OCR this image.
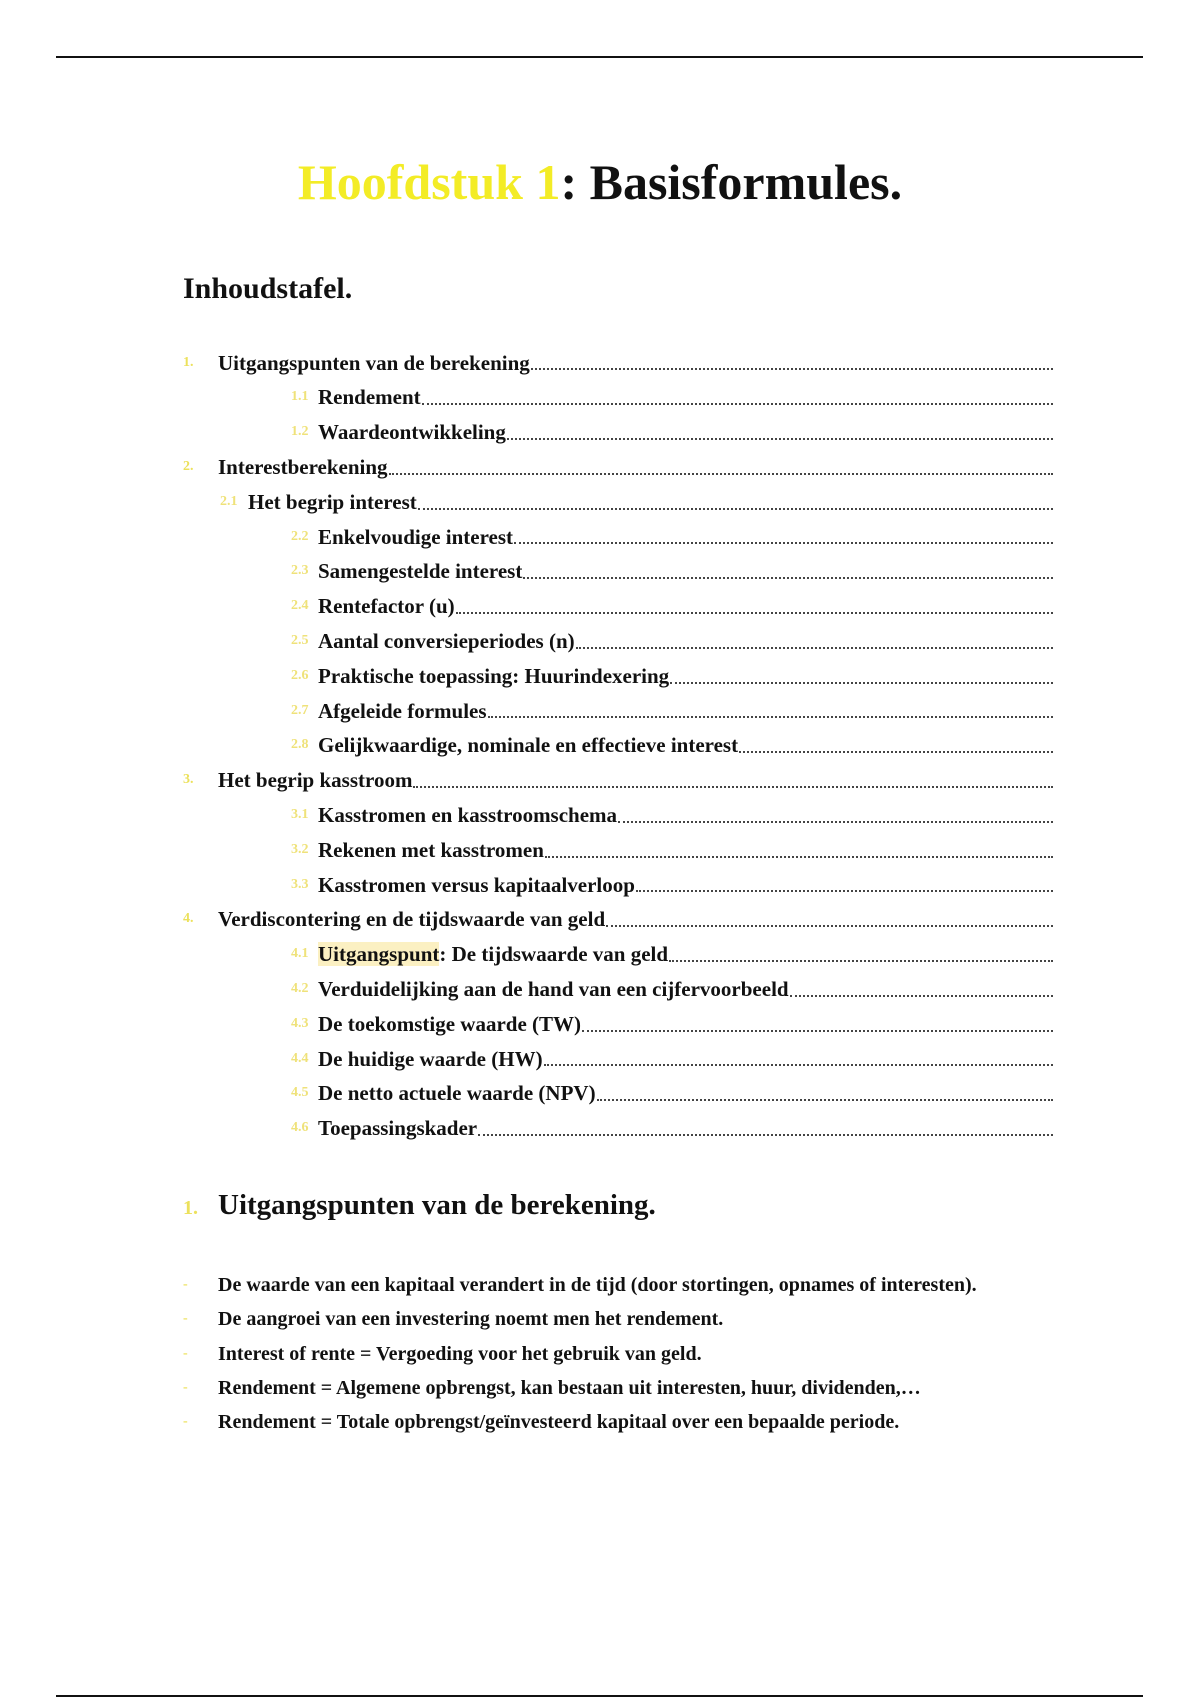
Hoofdstuk 1: Basisformules.
Inhoudstafel.
1.	Uitgangspunten van de berekening
1.1 Rendement
1.2 Waardeontwikkeling
2.	Interestberekening
2.1 Het begrip interest
2.2 Enkelvoudige interest
2.3 Samengestelde interest
2.4 Rentefactor (u)
2.5 Aantal conversieperiodes (n)
2.6 Praktische toepassing: Huurindexering
2.7 Afgeleide formules
2.8 Gelijkwaardige, nominale en effectieve interest
3.	Het begrip kasstroom
3.1 Kasstromen en kasstroomschema
3.2 Rekenen met kasstromen
3.3 Kasstromen versus kapitaalverloop
4.	Verdiscontering en de tijdswaarde van geld
4.1 Uitgangspunt: De tijdswaarde van geld
4.2 Verduidelijking aan de hand van een cijfervoorbeeld
4.3 De toekomstige waarde (TW)
4.4 De huidige waarde (HW)
4.5 De netto actuele waarde (NPV)
4.6 Toepassingskader
1. Uitgangspunten van de berekening.
-	De waarde van een kapitaal verandert in de tijd (door stortingen, opnames of interesten).
-	De aangroei van een investering noemt men het rendement.
-	Interest of rente = Vergoeding voor het gebruik van geld.
-	Rendement = Algemene opbrengst, kan bestaan uit interesten, huur, dividenden,…
-	Rendement = Totale opbrengst/geïnvesteerd kapitaal over een bepaalde periode.
